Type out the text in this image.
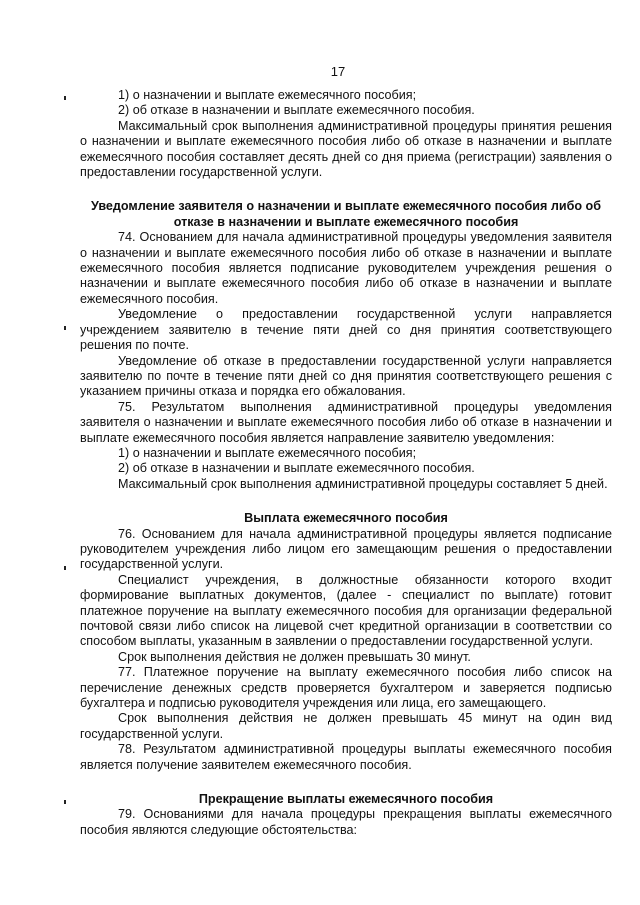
17

1) о назначении и выплате ежемесячного пособия;

2) об отказе в назначении и выплате ежемесячного пособия.

Максимальный срок выполнения административной процедуры принятия решения о назначении и выплате ежемесячного пособия либо об отказе в назначении и выплате ежемесячного пособия составляет десять дней со дня приема (регистрации) заявления о предоставлении государственной услуги.

Уведомление заявителя о назначении и выплате ежемесячного пособия либо об отказе в назначении и выплате ежемесячного пособия

74. Основанием для начала административной процедуры уведомления заявителя о назначении и выплате ежемесячного пособия либо об отказе в назначении и выплате ежемесячного пособия является подписание руководителем учреждения решения о назначении и выплате ежемесячного пособия либо об отказе в назначении и выплате ежемесячного пособия.

Уведомление о предоставлении государственной услуги направляется учреждением заявителю в течение пяти дней со дня принятия соответствующего решения по почте.

Уведомление об отказе в предоставлении государственной услуги направляется заявителю по почте в течение пяти дней со дня принятия соответствующего решения с указанием причины отказа и порядка его обжалования.

75. Результатом выполнения административной процедуры уведомления заявителя о назначении и выплате ежемесячного пособия либо об отказе в назначении и выплате ежемесячного пособия является направление заявителю уведомления:

1) о назначении и выплате ежемесячного пособия;

2) об отказе в назначении и выплате ежемесячного пособия.

Максимальный срок выполнения административной процедуры составляет 5 дней.

Выплата ежемесячного пособия

76. Основанием для начала административной процедуры является подписание руководителем учреждения либо лицом его замещающим решения о предоставлении государственной услуги.

Специалист учреждения, в должностные обязанности которого входит формирование выплатных документов, (далее - специалист по выплате) готовит платежное поручение на выплату ежемесячного пособия для организации федеральной почтовой связи либо список на лицевой счет кредитной организации в соответствии со способом выплаты, указанным в заявлении о предоставлении государственной услуги.

Срок выполнения действия не должен превышать 30 минут.

77. Платежное поручение на выплату ежемесячного пособия либо список на перечисление денежных средств проверяется бухгалтером и заверяется подписью бухгалтера и подписью руководителя учреждения или лица, его замещающего.

Срок выполнения действия не должен превышать 45 минут на один вид государственной услуги.

78. Результатом административной процедуры выплаты ежемесячного пособия является получение заявителем ежемесячного пособия.

Прекращение выплаты ежемесячного пособия

79. Основаниями для начала процедуры прекращения выплаты ежемесячного пособия являются следующие обстоятельства:
